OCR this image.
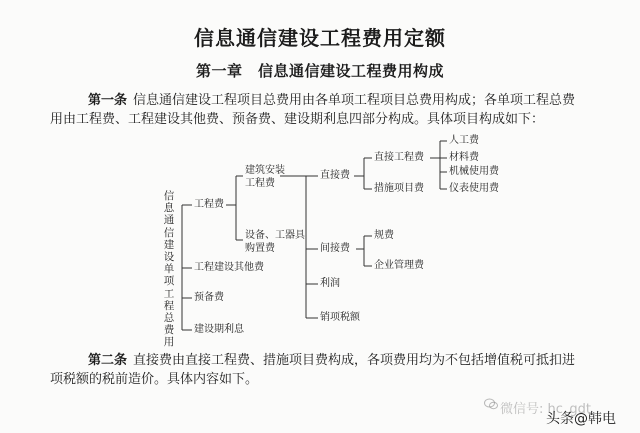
信息通信建设工程费用定额
第一章　信息通信建设工程费用构成
第一条 信息通信建设工程项目总费用由各单项工程项目总费用构成；各单项工程总费
用由工程费、工程建设其他费、预备费、建设期利息四部分构成。具体项目构成如下：
信息通信建设单项工程总费用
工程费
工程建设其他费
预备费
建设期利息
建筑安装
工程费
设备、工器具
购置费
直接费
间接费
利润
销项税额
直接工程费
措施项目费
规费
企业管理费
人工费
材料费
机械使用费
仪表使用费
第二条 直接费由直接工程费、措施项目费构成，各项费用均为不包括增值税可抵扣进
项税额的税前造价。具体内容如下。
微信号: hc_gdt
头条@韩电
